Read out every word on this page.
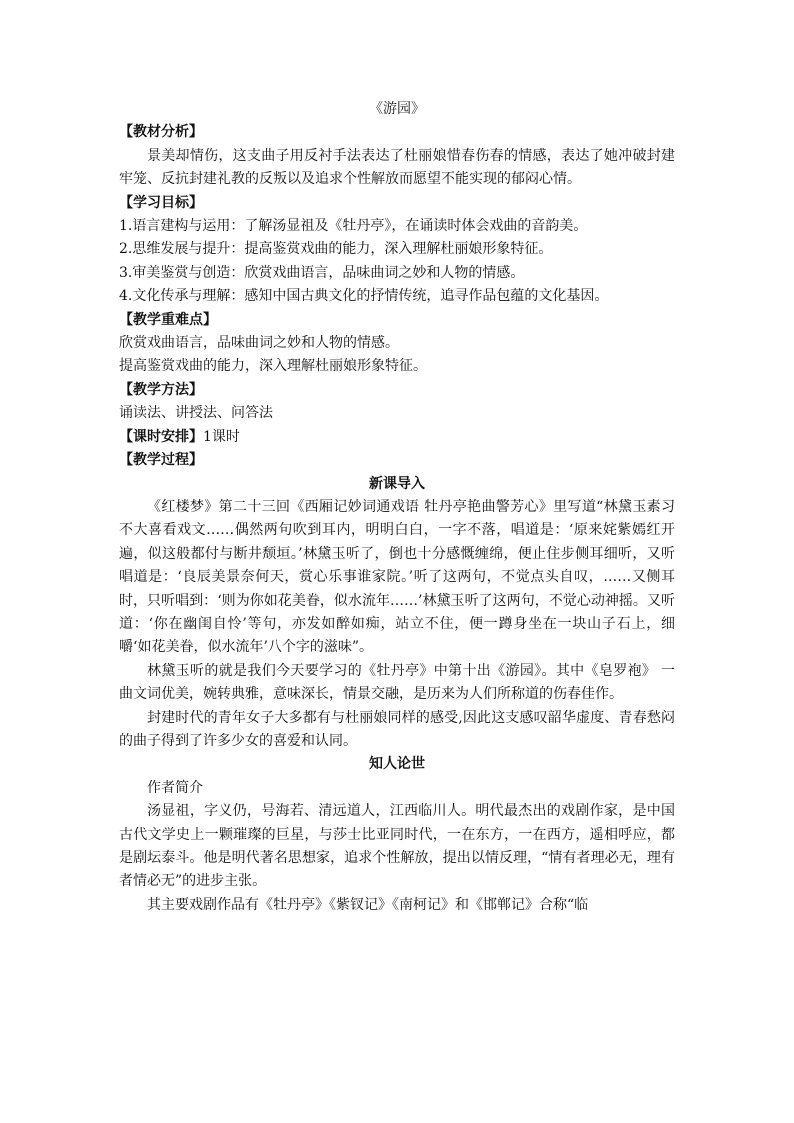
《游园》

【教材分析】

景美却情伤，这支曲子用反衬手法表达了杜丽娘惜春伤春的情感，表达了她冲破封建牢笼、反抗封建礼教的反叛以及追求个性解放而愿望不能实现的郁闷心情。

【学习目标】

1.语言建构与运用：了解汤显祖及《牡丹亭》，在诵读时体会戏曲的音韵美。

2.思维发展与提升：提高鉴赏戏曲的能力，深入理解杜丽娘形象特征。

3.审美鉴赏与创造：欣赏戏曲语言，品味曲词之妙和人物的情感。

4.文化传承与理解：感知中国古典文化的抒情传统，追寻作品包蕴的文化基因。

【教学重难点】

欣赏戏曲语言，品味曲词之妙和人物的情感。

提高鉴赏戏曲的能力，深入理解杜丽娘形象特征。

【教学方法】

诵读法、讲授法、问答法

【课时安排】1课时

【教学过程】

新课导入

《红楼梦》第二十三回《西厢记妙词通戏语 牡丹亭艳曲警芳心》里写道“林黛玉素习不大喜看戏文……偶然两句吹到耳内，明明白白，一字不落，唱道是：‘原来姹紫嫣红开遍，似这般都付与断井颓垣。’林黛玉听了，倒也十分感慨缠绵，便止住步侧耳细听，又听唱道是：‘良辰美景奈何天，赏心乐事谁家院。’听了这两句，不觉点头自叹，……又侧耳时，只听唱到：‘则为你如花美眷，似水流年……’林黛玉听了这两句，不觉心动神摇。又听道：‘你在幽闺自怜’等句，亦发如醉如痴，站立不住，便一蹲身坐在一块山子石上，细嚼‘如花美眷，似水流年’八个字的滋味”。

林黛玉听的就是我们今天要学习的《牡丹亭》中第十出《游园》。其中《皂罗袍》 一曲文词优美，婉转典雅，意味深长，情景交融，是历来为人们所称道的伤春佳作。

封建时代的青年女子大多都有与杜丽娘同样的感受,因此这支感叹韶华虚度、青春愁闷的曲子得到了许多少女的喜爱和认同。

知人论世

作者简介

汤显祖，字义仍，号海若、清远道人，江西临川人。明代最杰出的戏剧作家，是中国古代文学史上一颗璀璨的巨星，与莎士比亚同时代，一在东方，一在西方，遥相呼应，都是剧坛泰斗。他是明代著名思想家，追求个性解放，提出以情反理，“情有者理必无，理有者情必无”的进步主张。

其主要戏剧作品有《牡丹亭》《紫钗记》《南柯记》和《邯郸记》合称“临
